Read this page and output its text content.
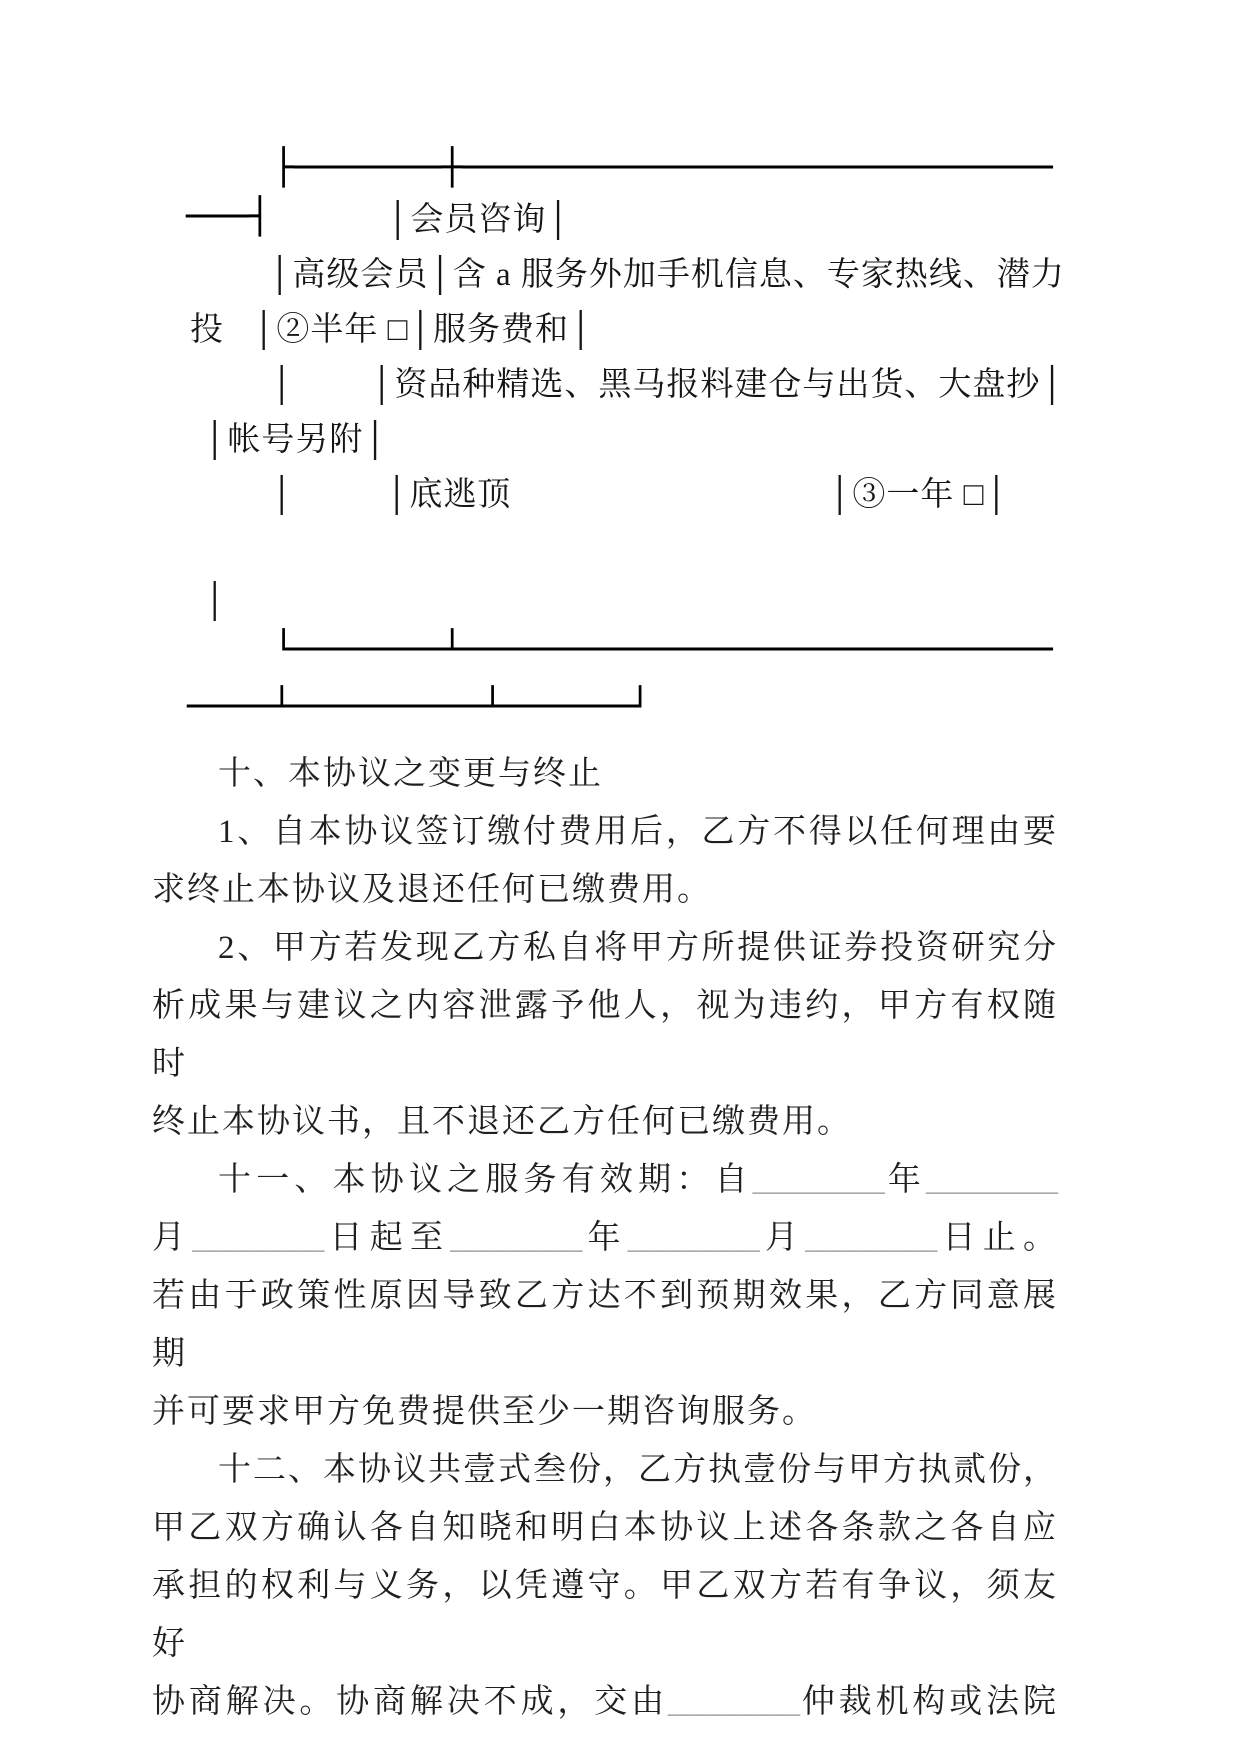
├───────┼────────────────────────────
───┤	│会员咨询│
│高级会员│含 a 服务外加手机信息、专家热线、潜力
投 │②半年 □│服务费和│
│ │资品种精选、黑马报料建仓与出货、大盘抄│
│帐号另附│
│	│底逃顶	│③一年 □│
│
└───────┴────────────────────────────
────┴─────────┴──────┘
十、本协议之变更与终止
1、自本协议签订缴付费用后，乙方不得以任何理由要
求终止本协议及退还任何已缴费用。
2、甲方若发现乙方私自将甲方所提供证券投资研究分
析成果与建议之内容泄露予他人，视为违约，甲方有权随时
终止本协议书，且不退还乙方任何已缴费用。
十一、本协议之服务有效期：自________年________
月________日起至________年________月________日止。
若由于政策性原因导致乙方达不到预期效果，乙方同意展期
并可要求甲方免费提供至少一期咨询服务。
十二、本协议共壹式叁份，乙方执壹份与甲方执贰份，
甲乙双方确认各自知晓和明白本协议上述各条款之各自应
承担的权利与义务，以凭遵守。甲乙双方若有争议，须友好
协商解决。协商解决不成，交由________仲裁机构或法院
